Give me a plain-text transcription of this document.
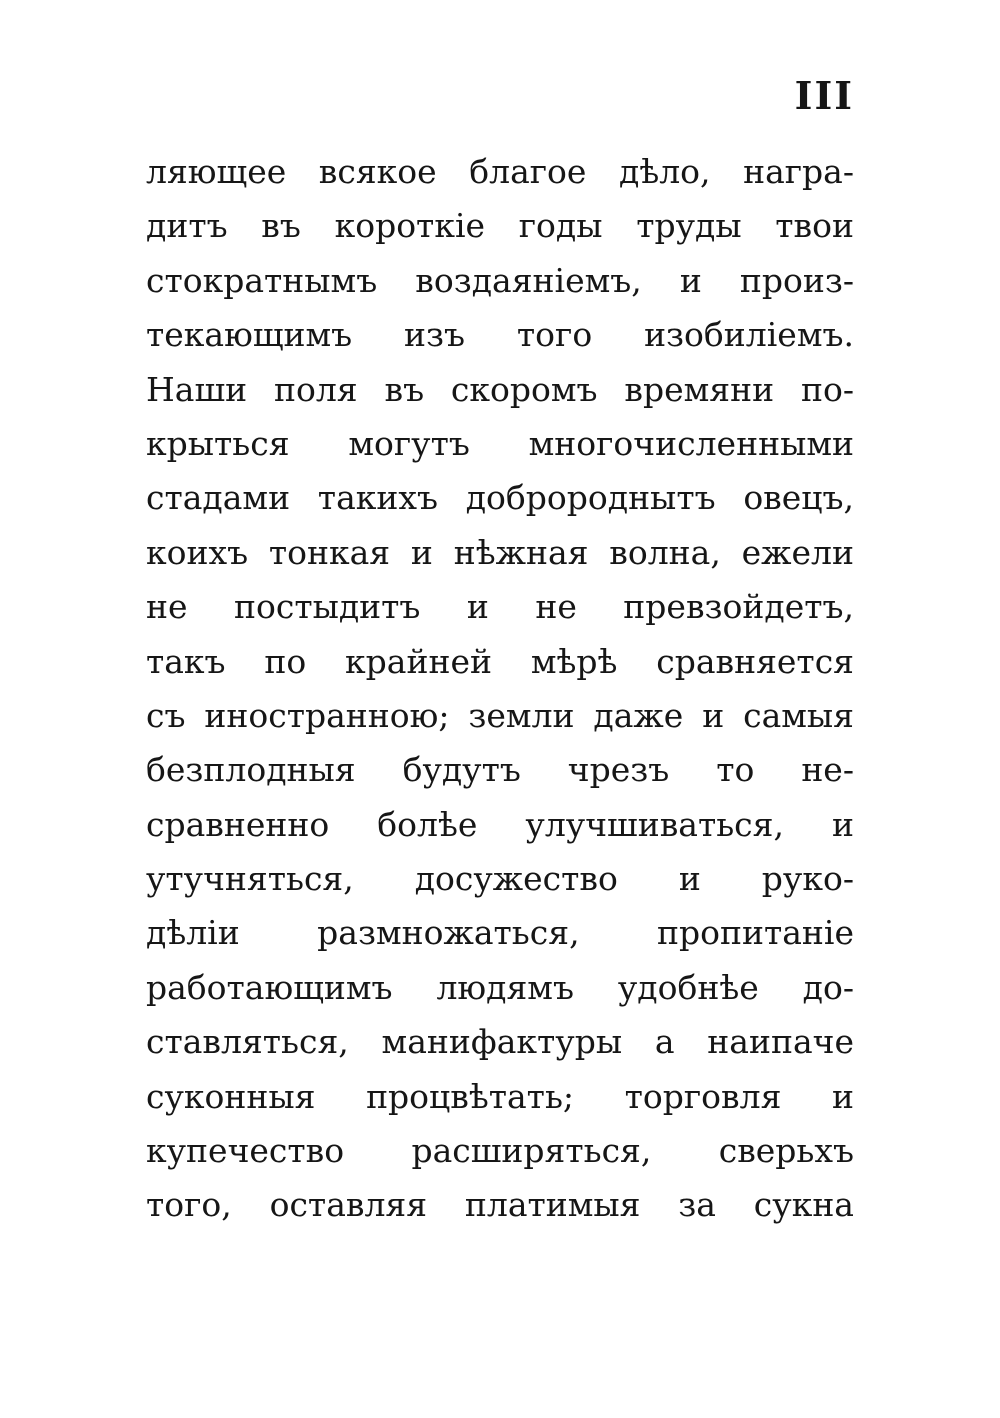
III
ляющее всякое благое дѣло, награ-
дитъ въ короткіе годы труды твои
стократнымъ воздаяніемъ, и произ-
текающимъ изъ того изобиліемъ.
Наши поля въ скоромъ времяни по-
крыться могутъ многочисленными
стадами такихъ добророднытъ овецъ,
коихъ тонкая и нѣжная волна, ежели
не постыдитъ и не превзойдетъ,
такъ по крайней мѣрѣ сравняется
съ иностранною; земли даже и самыя
безплодныя будутъ чрезъ то не-
сравненно болѣе улучшиваться, и
утучняться, досужество и руко-
дѣліи размножаться, пропитаніе
работающимъ людямъ удобнѣе до-
ставляться, манифактуры а наипаче
суконныя процвѣтать; торговля и
купечество расширяться, сверьхъ
того, оставляя платимыя за сукна
